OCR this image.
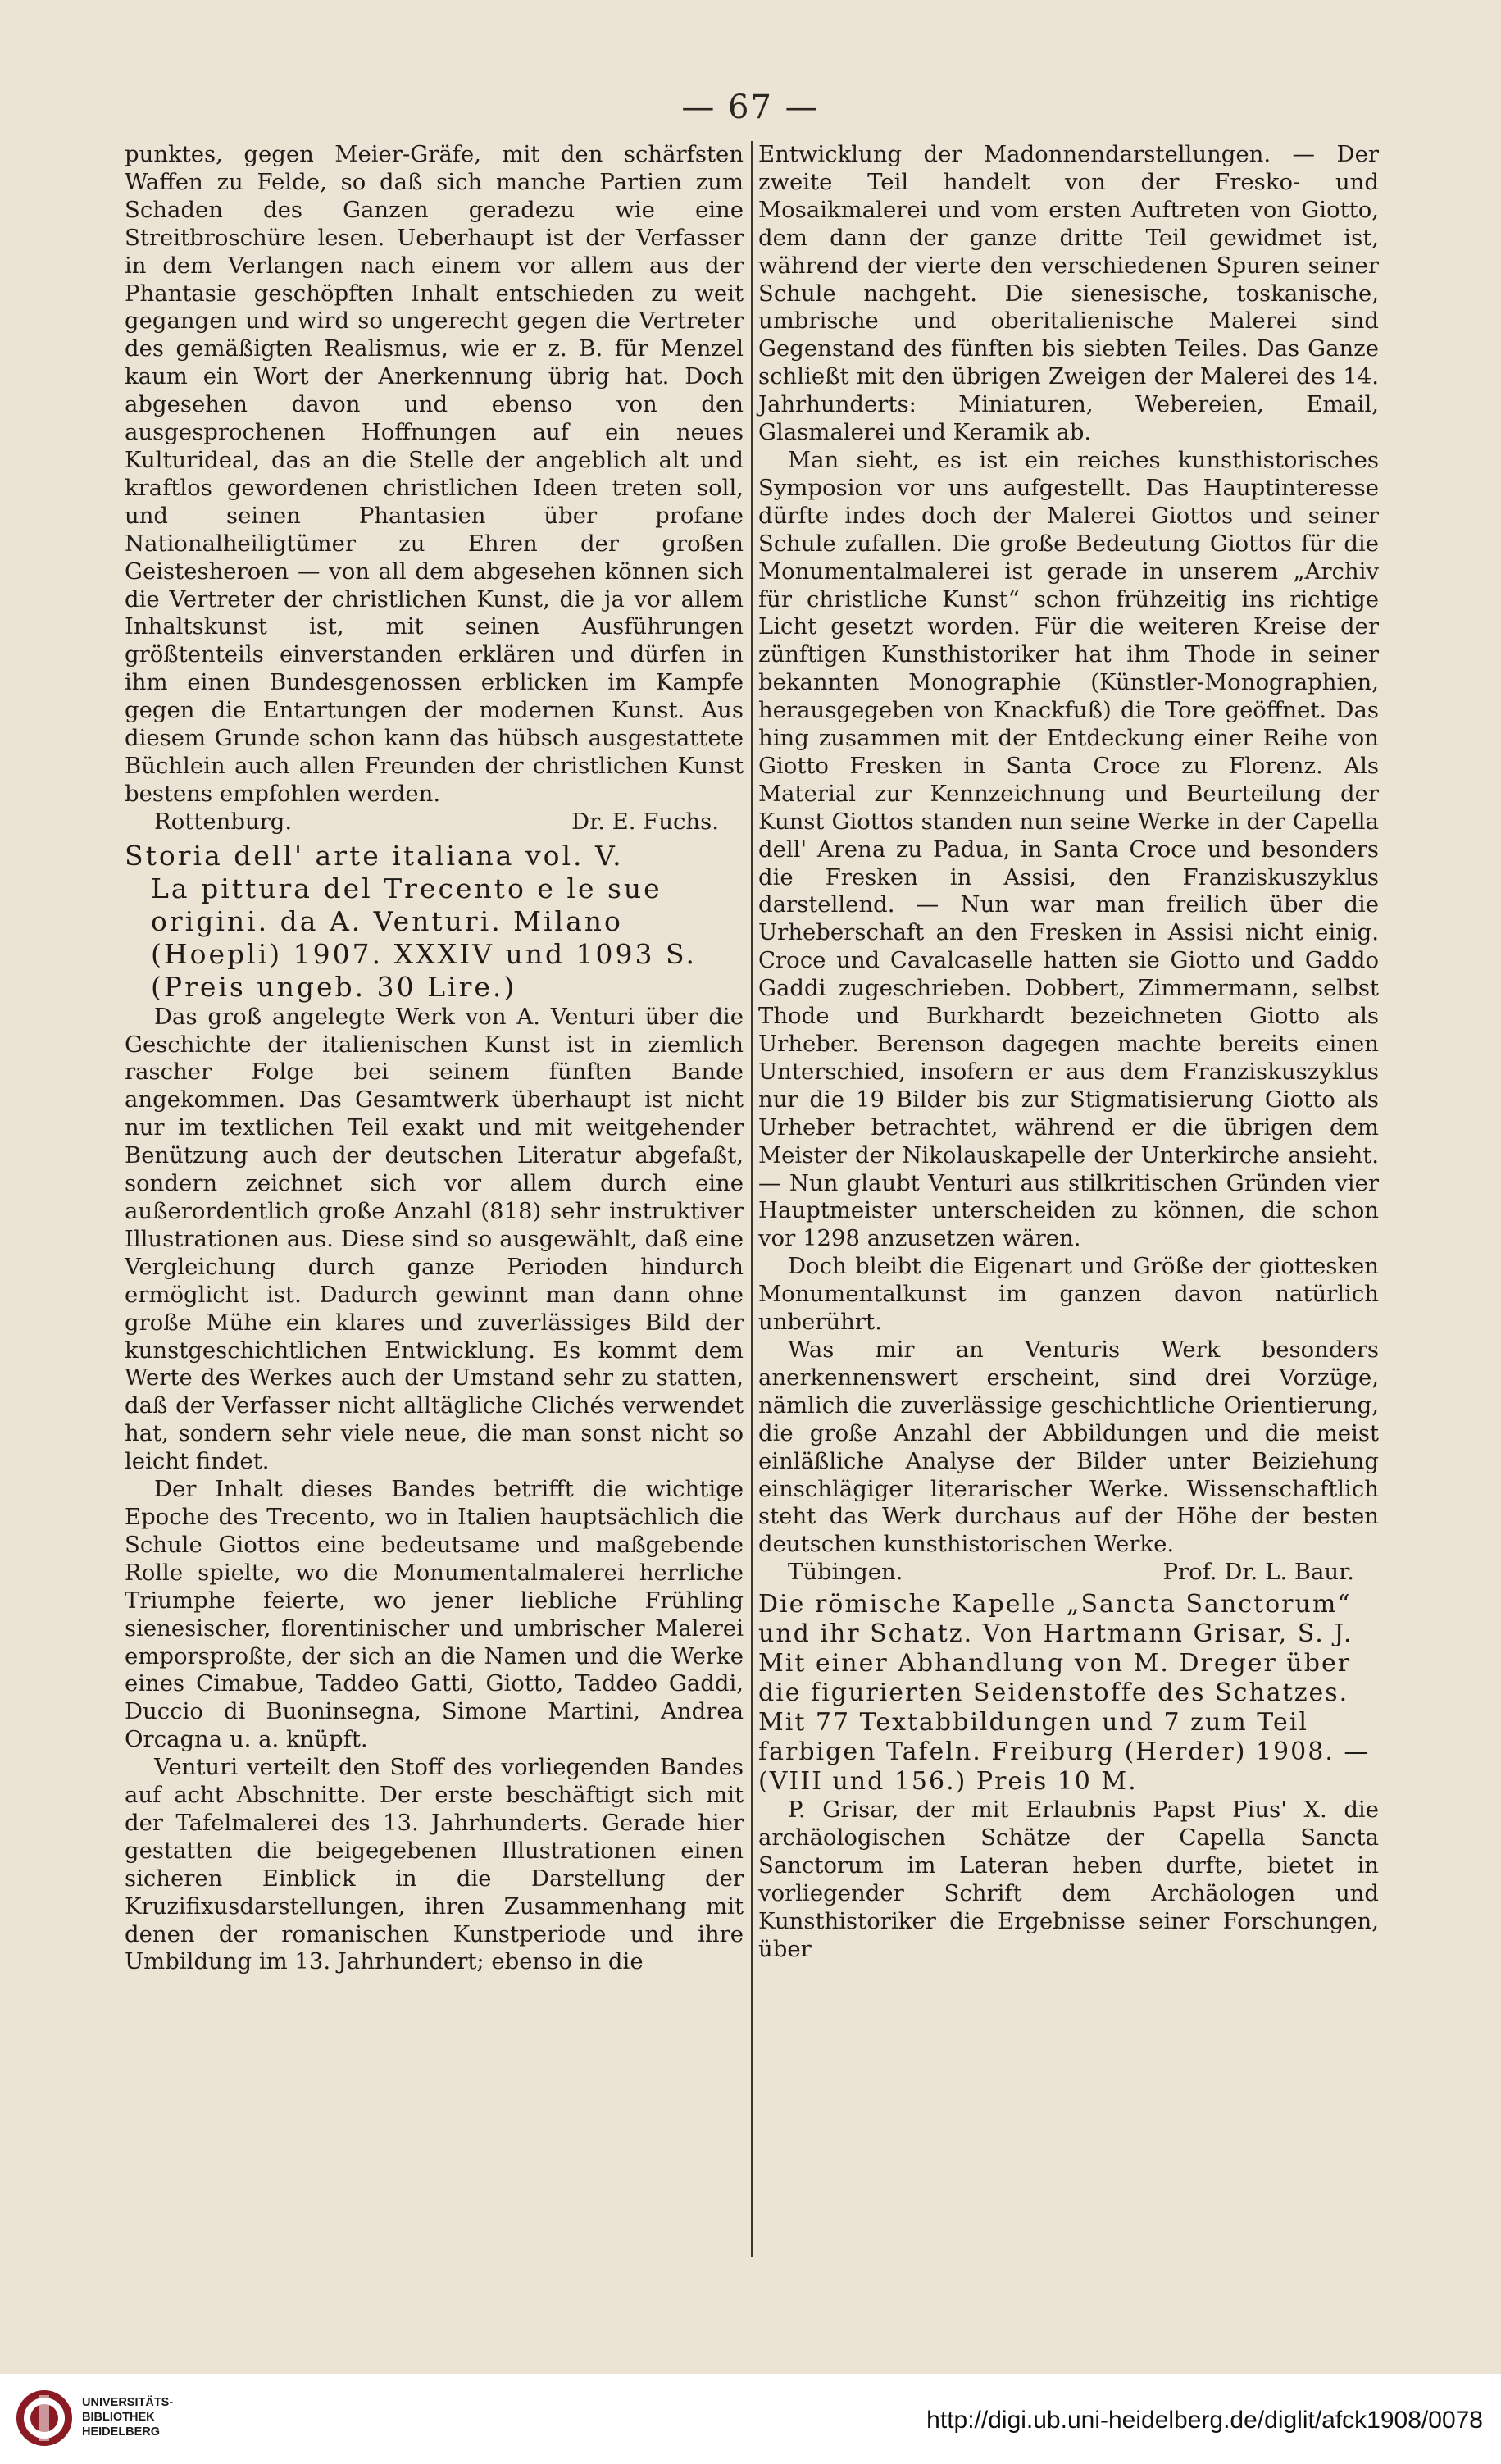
— 67 —

punktes, gegen Meier-Gräfe, mit den schärfsten Waffen zu Felde, so daß sich manche Partien zum Schaden des Ganzen geradezu wie eine Streitbroschüre lesen. Ueberhaupt ist der Verfasser in dem Verlangen nach einem vor allem aus der Phantasie geschöpften Inhalt entschieden zu weit gegangen und wird so ungerecht gegen die Vertreter des gemäßigten Realismus, wie er z. B. für Menzel kaum ein Wort der Anerkennung übrig hat. Doch abgesehen davon und ebenso von den ausgesprochenen Hoffnungen auf ein neues Kulturideal, das an die Stelle der angeblich alt und kraftlos gewordenen christlichen Ideen treten soll, und seinen Phantasien über profane Nationalheiligtümer zu Ehren der großen Geistesheroen — von all dem abgesehen können sich die Vertreter der christlichen Kunst, die ja vor allem Inhaltskunst ist, mit seinen Ausführungen größtenteils einverstanden erklären und dürfen in ihm einen Bundesgenossen erblicken im Kampfe gegen die Entartungen der modernen Kunst. Aus diesem Grunde schon kann das hübsch ausgestattete Büchlein auch allen Freunden der christlichen Kunst bestens empfohlen werden.

Rottenburg.	Dr. E. Fuchs.
Storia dell' arte italiana vol. V.
La pittura del Trecento e le sue origini. da A. Venturi. Milano (Hoepli) 1907. XXXIV und 1093 S. (Preis ungeb. 30 Lire.)

Das groß angelegte Werk von A. Venturi über die Geschichte der italienischen Kunst ist in ziemlich rascher Folge bei seinem fünften Bande angekommen. Das Gesamtwerk überhaupt ist nicht nur im textlichen Teil exakt und mit weitgehender Benützung auch der deutschen Literatur abgefaßt, sondern zeichnet sich vor allem durch eine außerordentlich große Anzahl (818) sehr instruktiver Illustrationen aus. Diese sind so ausgewählt, daß eine Vergleichung durch ganze Perioden hindurch ermöglicht ist. Dadurch gewinnt man dann ohne große Mühe ein klares und zuverlässiges Bild der kunstgeschichtlichen Entwicklung. Es kommt dem Werte des Werkes auch der Umstand sehr zu statten, daß der Verfasser nicht alltägliche Clichés verwendet hat, sondern sehr viele neue, die man sonst nicht so leicht findet.

Der Inhalt dieses Bandes betrifft die wichtige Epoche des Trecento, wo in Italien hauptsächlich die Schule Giottos eine bedeutsame und maßgebende Rolle spielte, wo die Monumentalmalerei herrliche Triumphe feierte, wo jener liebliche Frühling sienesischer, florentinischer und umbrischer Malerei emporsproßte, der sich an die Namen und die Werke eines Cimabue, Taddeo Gatti, Giotto, Taddeo Gaddi, Duccio di Buoninsegna, Simone Martini, Andrea Orcagna u. a. knüpft.

Venturi verteilt den Stoff des vorliegenden Bandes auf acht Abschnitte. Der erste beschäftigt sich mit der Tafelmalerei des 13. Jahrhunderts. Gerade hier gestatten die beigegebenen Illustrationen einen sicheren Einblick in die Darstellung der Kruzifixusdarstellungen, ihren Zusammenhang mit denen der romanischen Kunstperiode und ihre Umbildung im 13. Jahrhundert; ebenso in die

Entwicklung der Madonnendarstellungen. — Der zweite Teil handelt von der Fresko- und Mosaikmalerei und vom ersten Auftreten von Giotto, dem dann der ganze dritte Teil gewidmet ist, während der vierte den verschiedenen Spuren seiner Schule nachgeht. Die sienesische, toskanische, umbrische und oberitalienische Malerei sind Gegenstand des fünften bis siebten Teiles. Das Ganze schließt mit den übrigen Zweigen der Malerei des 14. Jahrhunderts: Miniaturen, Webereien, Email, Glasmalerei und Keramik ab.

Man sieht, es ist ein reiches kunsthistorisches Symposion vor uns aufgestellt. Das Hauptinteresse dürfte indes doch der Malerei Giottos und seiner Schule zufallen. Die große Bedeutung Giottos für die Monumentalmalerei ist gerade in unserem „Archiv für christliche Kunst“ schon frühzeitig ins richtige Licht gesetzt worden. Für die weiteren Kreise der zünftigen Kunsthistoriker hat ihm Thode in seiner bekannten Monographie (Künstler-Monographien, herausgegeben von Knackfuß) die Tore geöffnet. Das hing zusammen mit der Entdeckung einer Reihe von Giotto Fresken in Santa Croce zu Florenz. Als Material zur Kennzeichnung und Beurteilung der Kunst Giottos standen nun seine Werke in der Capella dell' Arena zu Padua, in Santa Croce und besonders die Fresken in Assisi, den Franziskuszyklus darstellend. — Nun war man freilich über die Urheberschaft an den Fresken in Assisi nicht einig. Croce und Cavalcaselle hatten sie Giotto und Gaddo Gaddi zugeschrieben. Dobbert, Zimmermann, selbst Thode und Burkhardt bezeichneten Giotto als Urheber. Berenson dagegen machte bereits einen Unterschied, insofern er aus dem Franziskuszyklus nur die 19 Bilder bis zur Stigmatisierung Giotto als Urheber betrachtet, während er die übrigen dem Meister der Nikolauskapelle der Unterkirche ansieht. — Nun glaubt Venturi aus stilkritischen Gründen vier Hauptmeister unterscheiden zu können, die schon vor 1298 anzusetzen wären.

Doch bleibt die Eigenart und Größe der giottesken Monumentalkunst im ganzen davon natürlich unberührt.

Was mir an Venturis Werk besonders anerkennenswert erscheint, sind drei Vorzüge, nämlich die zuverlässige geschichtliche Orientierung, die große Anzahl der Abbildungen und die meist einläßliche Analyse der Bilder unter Beiziehung einschlägiger literarischer Werke. Wissenschaftlich steht das Werk durchaus auf der Höhe der besten deutschen kunsthistorischen Werke.

Tübingen.	Prof. Dr. L. Baur.

Die römische Kapelle „Sancta Sanctorum“ und ihr Schatz. Von Hartmann Grisar, S. J. Mit einer Abhandlung von M. Dreger über die figurierten Seidenstoffe des Schatzes. Mit 77 Textabbildungen und 7 zum Teil farbigen Tafeln. Freiburg (Herder) 1908. — (VIII und 156.) Preis 10 M.

P. Grisar, der mit Erlaubnis Papst Pius' X. die archäologischen Schätze der Capella Sancta Sanctorum im Lateran heben durfte, bietet in vorliegender Schrift dem Archäologen und Kunsthistoriker die Ergebnisse seiner Forschungen, über

UNIVERSITÄTS-
BIBLIOTHEK
HEIDELBERG	http://digi.ub.uni-heidelberg.de/diglit/afck1908/0078
